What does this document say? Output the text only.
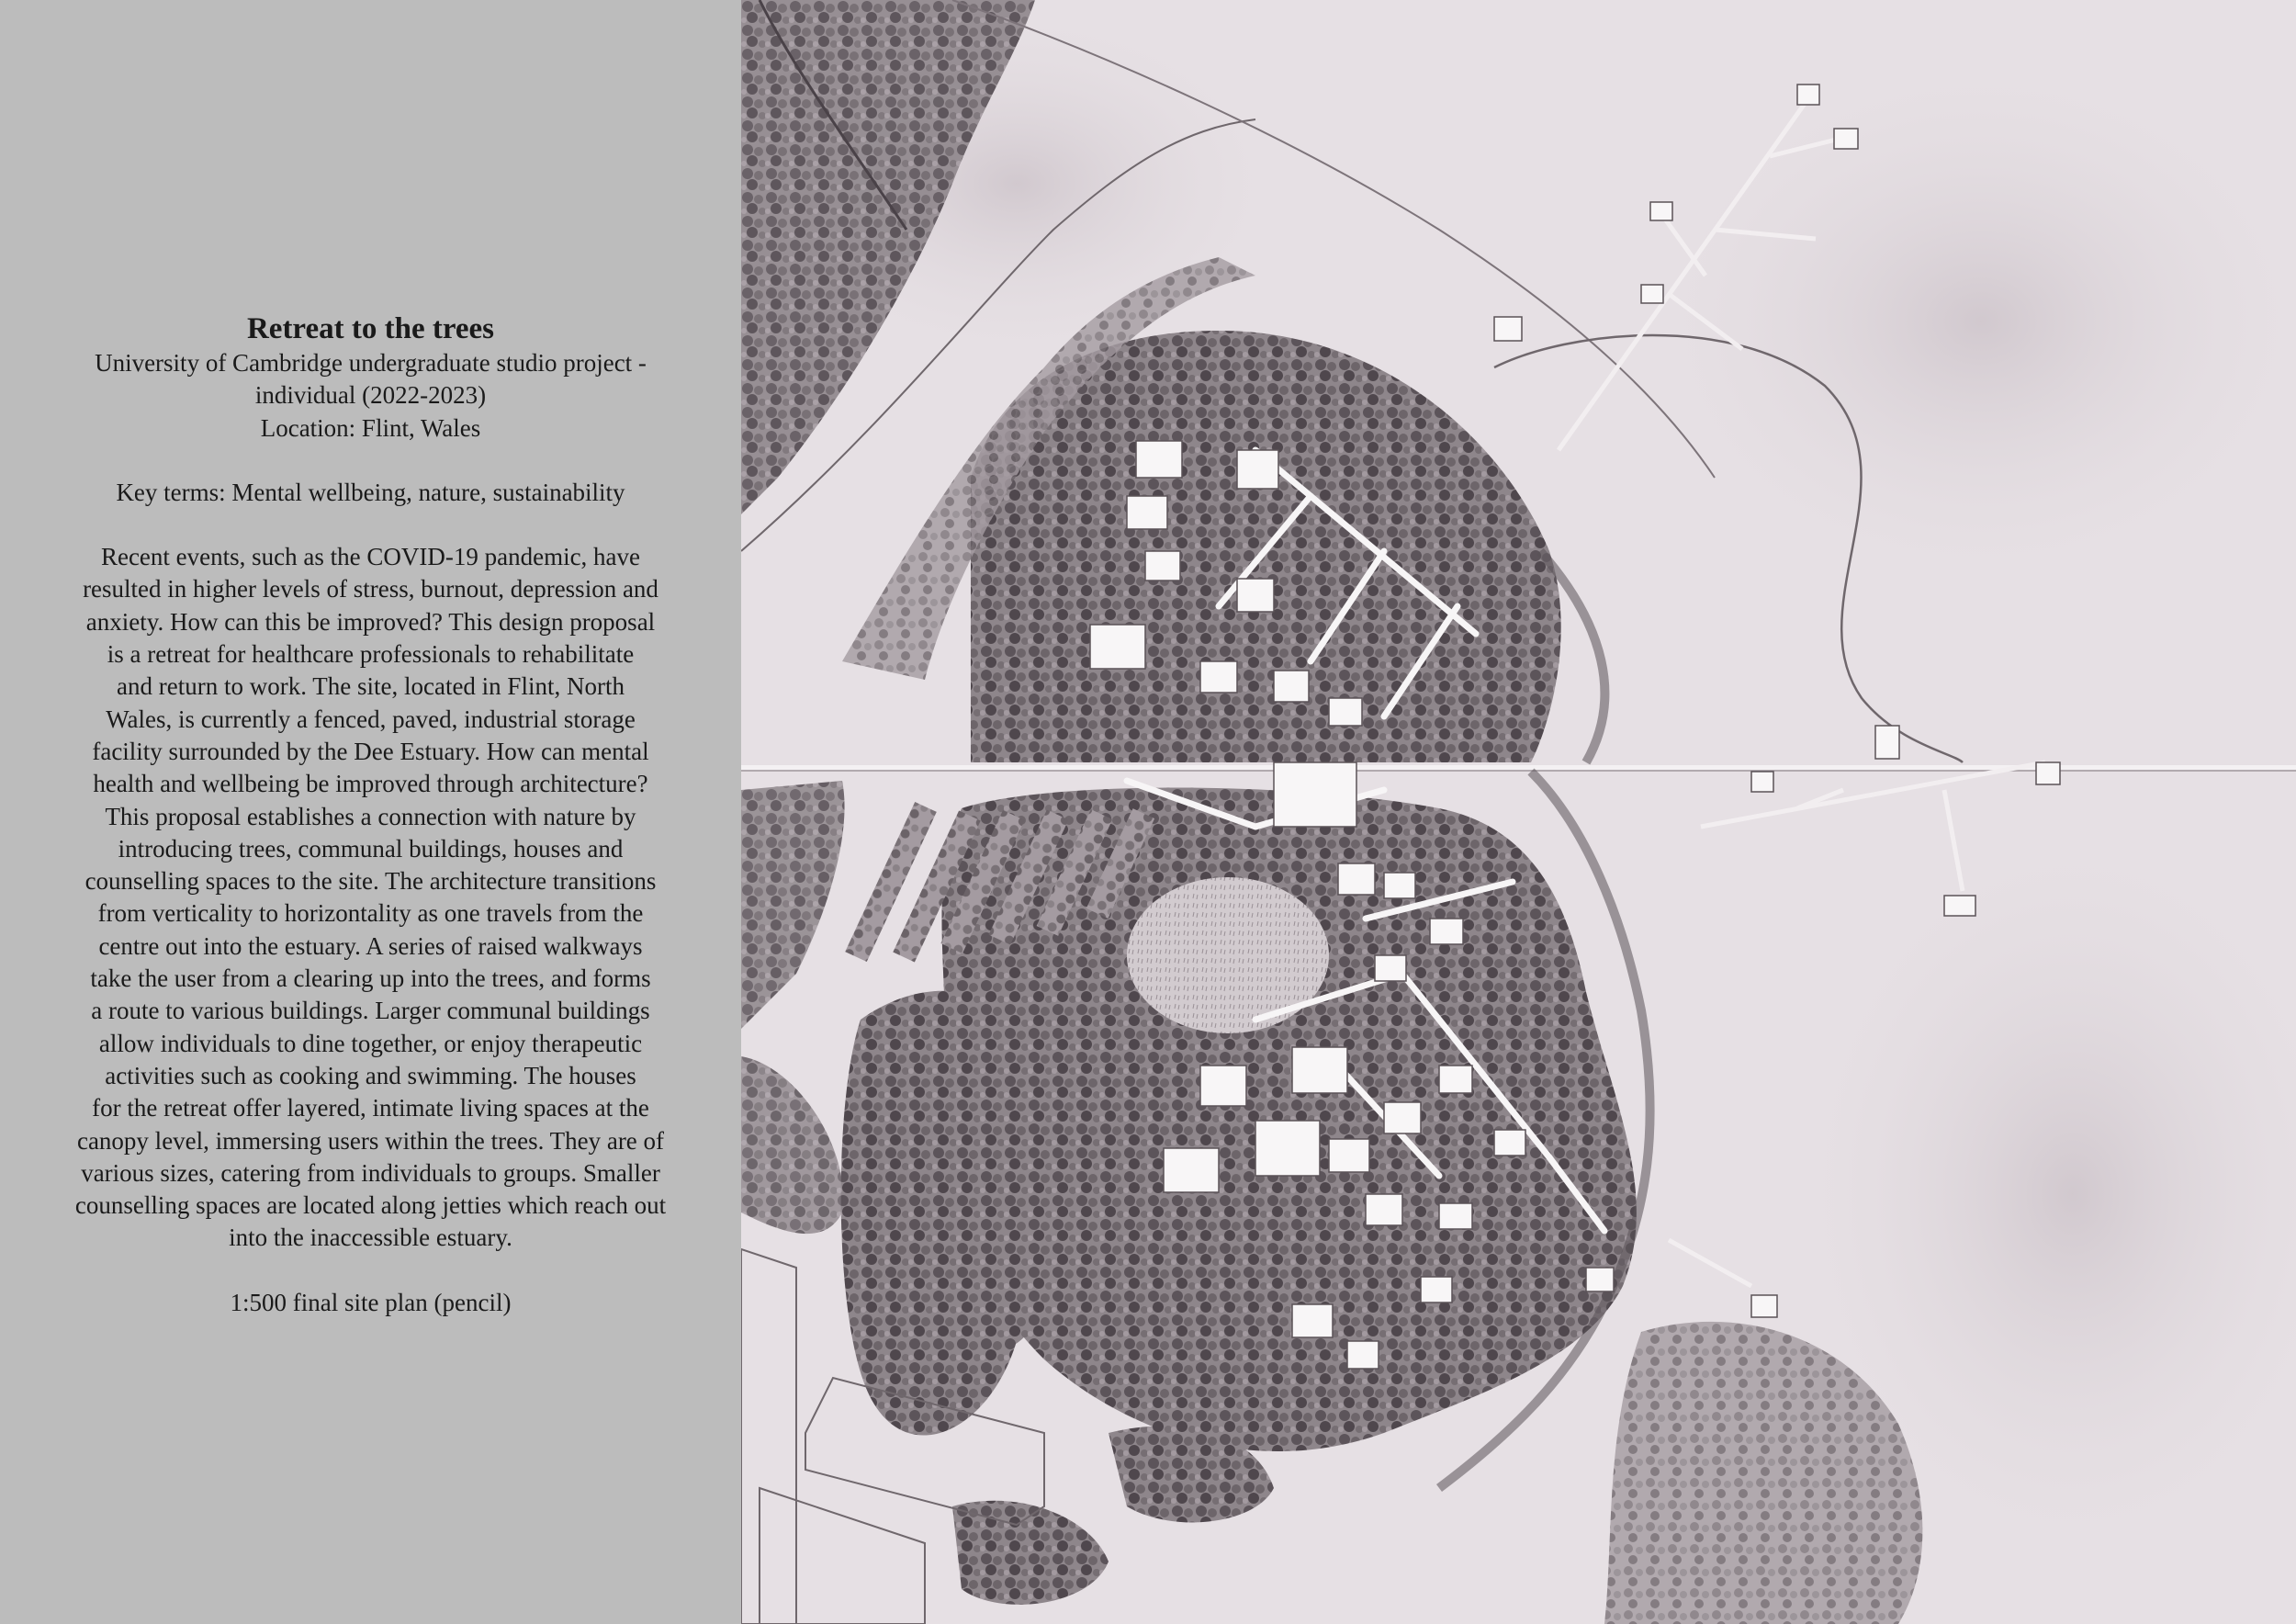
Retreat to the trees

University of Cambridge undergraduate studio project -

individual (2022-2023)

Location: Flint, Wales

Key terms: Mental wellbeing, nature, sustainability

Recent events, such as the COVID-19 pandemic, have

resulted in higher levels of stress, burnout, depression and

anxiety. How can this be improved? This design proposal

is a retreat for healthcare professionals to rehabilitate

and return to work. The site, located in Flint, North

Wales, is currently a fenced, paved, industrial storage

facility surrounded by the Dee Estuary. How can mental

health and wellbeing be improved through architecture?

This proposal establishes a connection with nature by

introducing trees, communal buildings, houses and

counselling spaces to the site. The architecture transitions

from verticality to horizontality as one travels from the

centre out into the estuary. A series of raised walkways

take the user from a clearing up into the trees, and forms

a route to various buildings. Larger communal buildings

allow individuals to dine together, or enjoy therapeutic

activities such as cooking and swimming. The houses

for the retreat offer layered, intimate living spaces at the

canopy level, immersing users within the trees. They are of

various sizes, catering from individuals to groups. Smaller

counselling spaces are located along jetties which reach out

into the inaccessible estuary.

1:500 final site plan (pencil)
